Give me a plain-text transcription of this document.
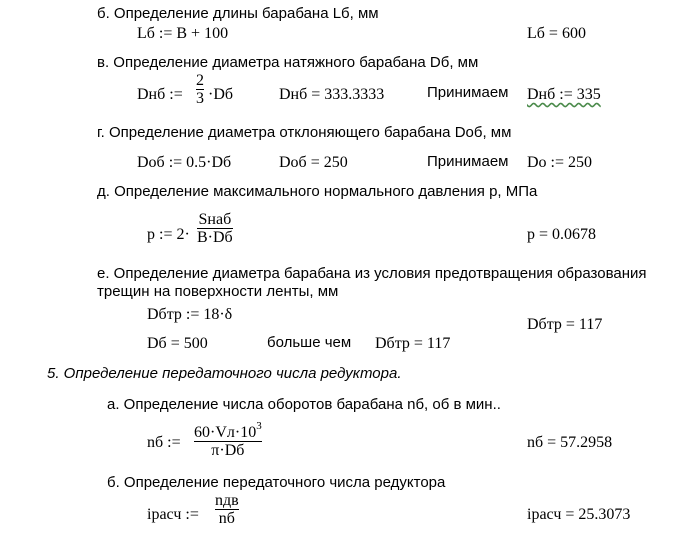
б. Определение длины барабана Lб, мм
Lб := B + 100	Lб = 600
в. Определение диаметра натяжного барабана Dб, мм
Dнб :=
2
3 ·Dб	Dнб = 333.3333	Принимаем Dнб := 335
г. Определение диаметра отклоняющего барабана Dоб, мм
Dоб := 0.5·Dб	Dоб = 250	Принимаем Dо := 250
д. Определение максимального нормального давления p, МПа
p := 2·
Sнаб
B·Dб	p = 0.0678
е. Определение диаметра барабана из условия предотвращения образования
трещин на поверхности ленты, мм
Dбтр := 18·δ
Dбтр = 117
Dб = 500	больше чем Dбтр = 117
5. Определение передаточного числа редуктора.
а. Определение числа оборотов барабана nб, об в мин..
nб :=
$60\cdot Vл\cdot 10^3$
π·Dб	nб = 57.2958
б. Определение передаточного числа редуктора
iрасч :=
nдв
nб	iрасч = 25.3073
